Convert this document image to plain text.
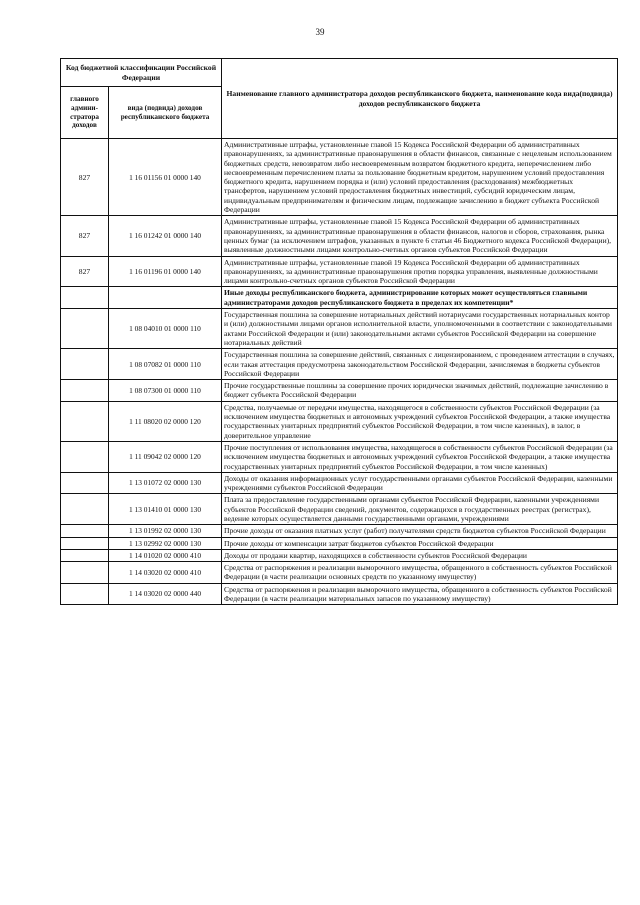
39
Код бюджетной классификации Российской Федерации		Наименование главного администратора доходов республиканского бюджета, наименование кода вида(подвида) доходов республиканского бюджета
главного админи-стратора доходов	вида (подвида) доходов республиканского бюджета	
827	1 16 01156 01 0000 140	Административные штрафы, установленные главой 15 Кодекса Российской Федерации об административных правонарушениях, за административные правонарушения в области финансов, связанные с нецелевым использованием бюджетных средств, невозвратом либо несвоевременным возвратом бюджетного кредита, неперечислением либо несвоевременным перечислением платы за пользование бюджетным кредитом, нарушением условий предоставления бюджетного кредита, нарушением порядка и (или) условий предоставления (расходования) межбюджетных трансфертов, нарушением условий предоставления бюджетных инвестиций, субсидий юридическим лицам, индивидуальным предпринимателям и физическим лицам, подлежащие зачислению в бюджет субъекта Российской Федерации
827	1 16 01242 01 0000 140	Административные штрафы, установленные главой 15 Кодекса Российской Федерации об административных правонарушениях, за административные правонарушения в области финансов, налогов и сборов, страхования, рынка ценных бумаг (за исключением штрафов, указанных в пункте 6 статьи 46 Бюджетного кодекса Российской Федерации), выявленные должностными лицами контрольно-счетных органов субъектов Российской Федерации
827	1 16 01196 01 0000 140	Административные штрафы, установленные главой 19 Кодекса Российской Федерации об административных правонарушениях, за административные правонарушения против порядка управления, выявленные должностными лицами контрольно-счетных органов субъектов Российской Федерации
		Иные доходы республиканского бюджета, администрирование которых может осуществляться главными администраторами доходов республиканского бюджета в пределах их компетенции*
	1 08 04010 01 0000 110	Государственная пошлина за совершение нотариальных действий нотариусами государственных нотариальных контор и (или) должностными лицами органов исполнительной власти, уполномоченными в соответствии с законодательными актами Российской Федерации и (или) законодательными актами субъектов Российской Федерации на совершение нотариальных действий
	1 08 07082 01 0000 110	Государственная пошлина за совершение действий, связанных с лицензированием, с проведением аттестации в случаях, если такая аттестация предусмотрена законодательством Российской Федерации, зачисляемая в бюджеты субъектов Российской Федерации
	1 08 07300 01 0000 110	Прочие государственные пошлины за совершение прочих юридически значимых действий, подлежащие зачислению в бюджет субъекта Российской Федерации
	1 11 08020 02 0000 120	Средства, получаемые от передачи имущества, находящегося в собственности субъектов Российской Федерации (за исключением имущества бюджетных и автономных учреждений субъектов Российской Федерации, а также имущества государственных унитарных предприятий субъектов Российской Федерации, в том числе казенных), в залог, в доверительное управление
	1 11 09042 02 0000 120	Прочие поступления от использования имущества, находящегося в собственности субъектов Российской Федерации (за исключением имущества бюджетных и автономных учреждений субъектов Российской Федерации, а также имущества государственных унитарных предприятий субъектов Российской Федерации, в том числе казенных)
	1 13 01072 02 0000 130	Доходы от оказания информационных услуг государственными органами субъектов Российской Федерации, казенными учреждениями субъектов Российской Федерации
	1 13 01410 01 0000 130	Плата за предоставление государственными органами субъектов Российской Федерации, казенными учреждениями субъектов Российской Федерации сведений, документов, содержащихся в государственных реестрах (регистрах), ведение которых осуществляется данными государственными органами, учреждениями
	1 13 01992 02 0000 130	Прочие доходы от оказания платных услуг (работ) получателями средств бюджетов субъектов Российской Федерации
	1 13 02992 02 0000 130	Прочие доходы от компенсации затрат бюджетов субъектов Российской Федерации
	1 14 01020 02 0000 410	Доходы от продажи квартир, находящихся в собственности субъектов Российской Федерации
	1 14 03020 02 0000 410	Средства от распоряжения и реализации выморочного имущества, обращенного в собственность субъектов Российской Федерации (в части реализации основных средств по указанному имуществу)
	1 14 03020 02 0000 440	Средства от распоряжения и реализации выморочного имущества, обращенного в собственность субъектов Российской Федерации (в части реализации материальных запасов по указанному имуществу)
